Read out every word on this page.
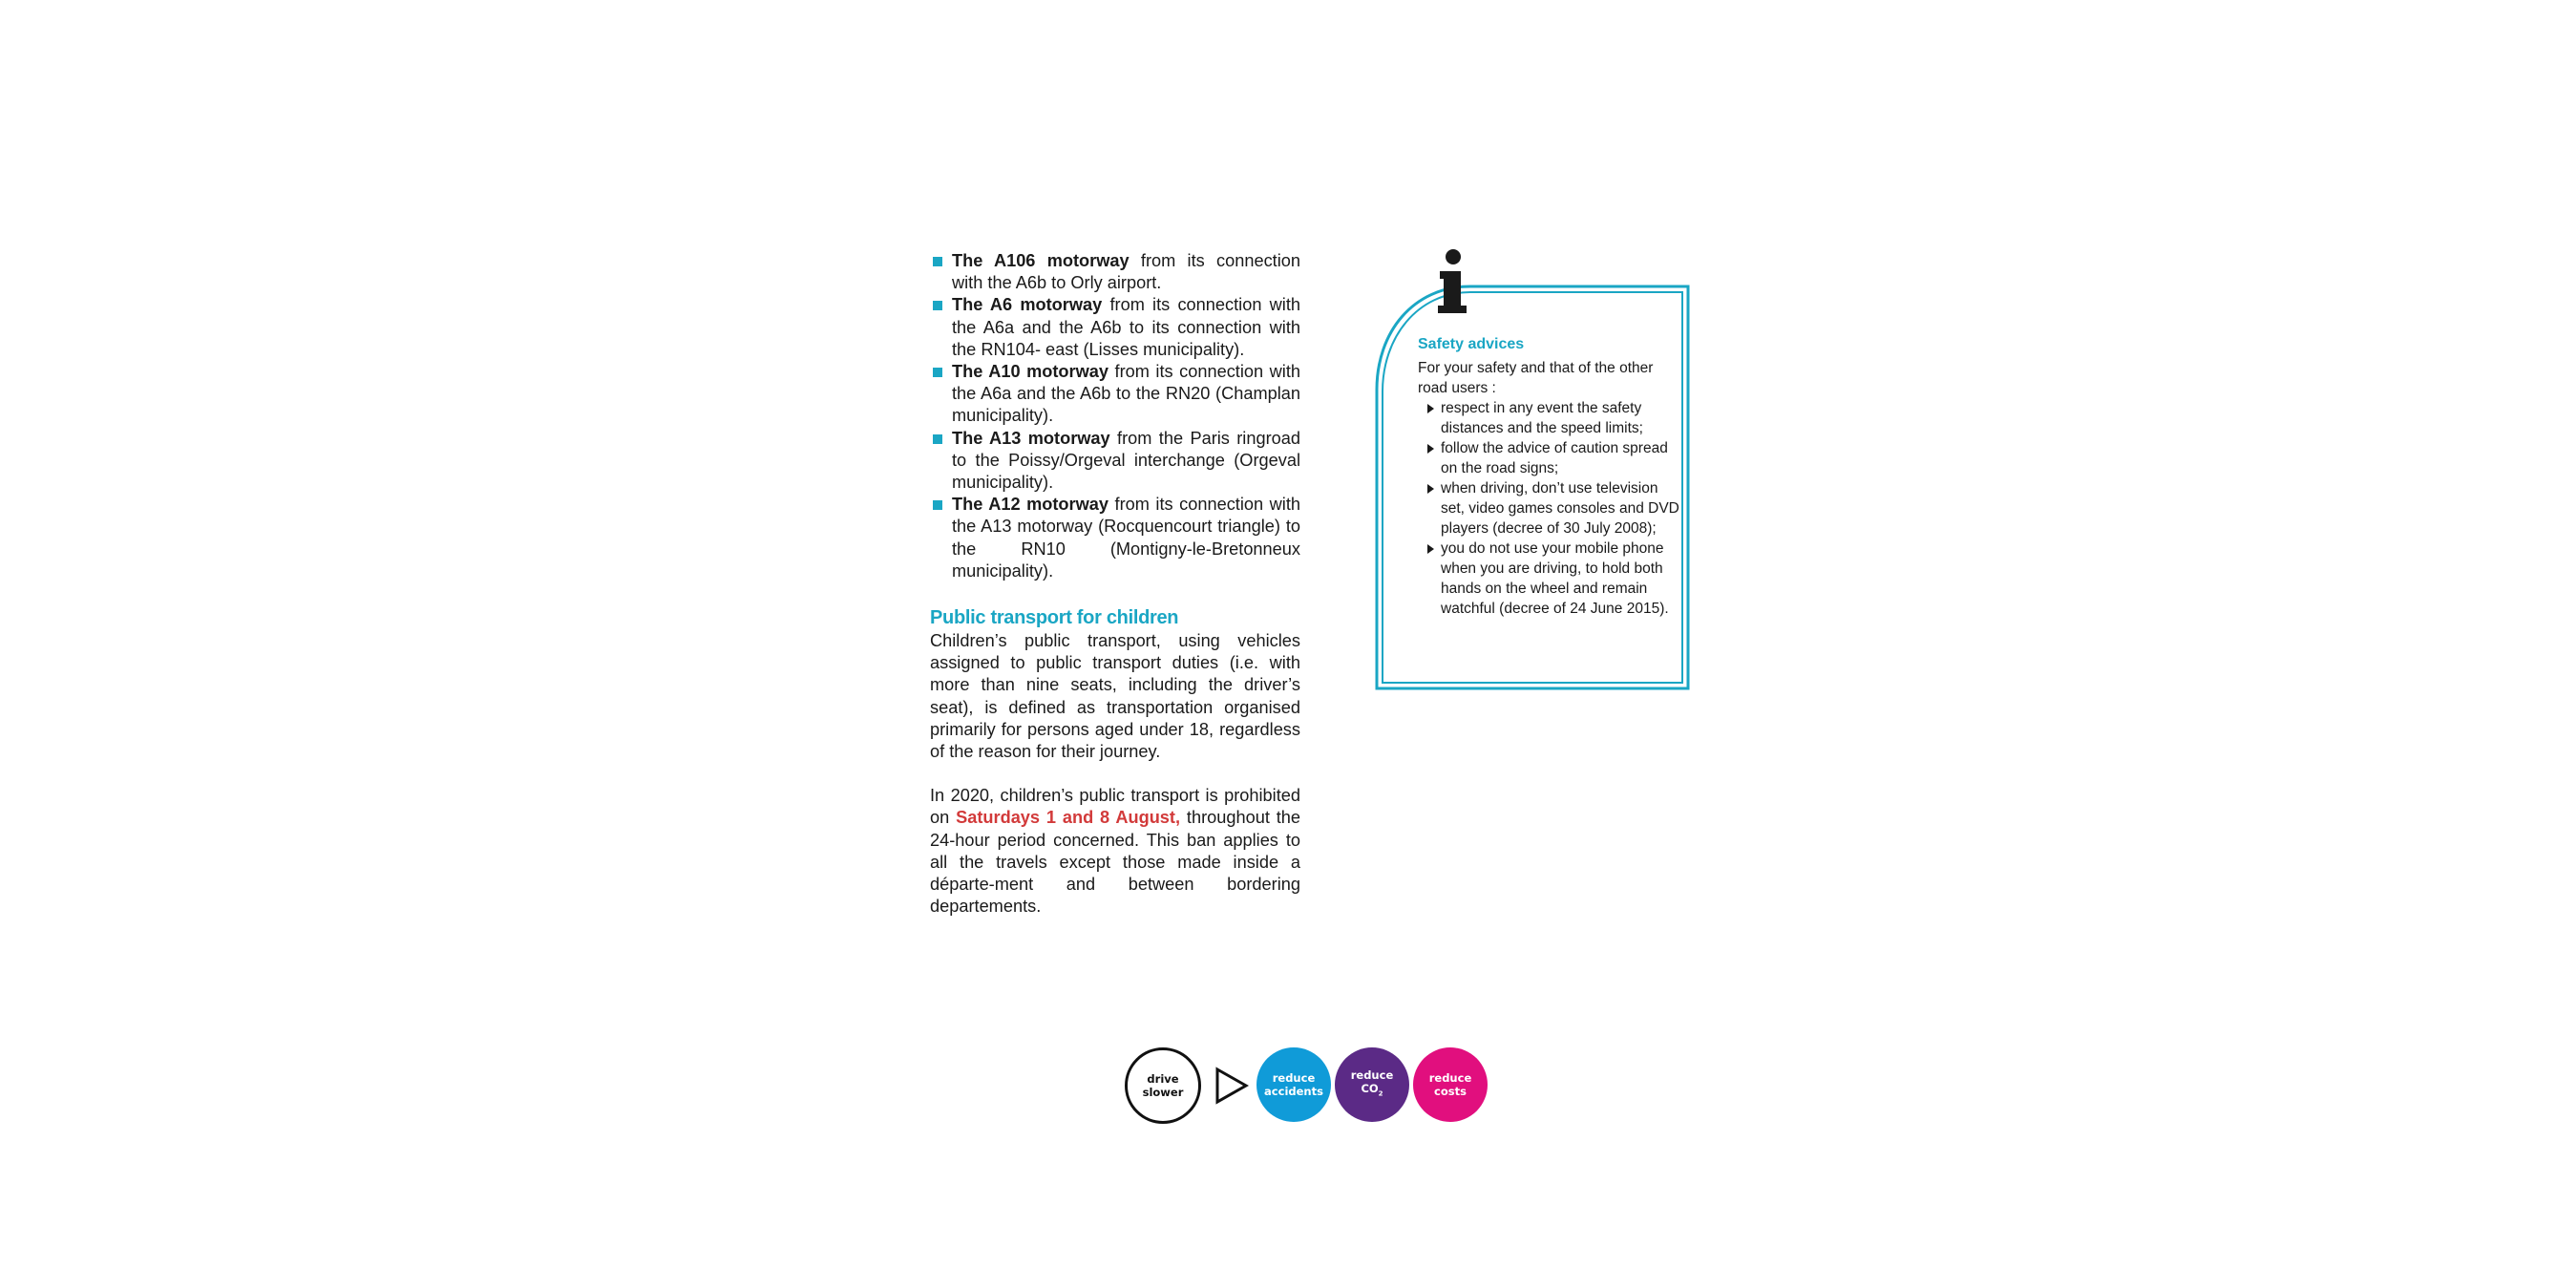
The A106 motorway from its connection with the A6b to Orly airport.
The A6 motorway from its connection with the A6a and the A6b to its connection with the RN104- east (Lisses municipality).
The A10 motorway from its connection with the A6a and the A6b to the RN20 (Champlan municipality).
The A13 motorway from the Paris ringroad to the Poissy/Orgeval interchange (Orgeval municipality).
The A12 motorway from its connection with the A13 motorway (Rocquencourt triangle) to the RN10 (Montigny-le-Bretonneux municipality).
Public transport for children

Children’s public transport, using vehicles assigned to public transport duties (i.e. with more than nine seats, including the driver’s seat), is defined as transportation organised primarily for persons aged under 18, regardless of the reason for their journey.

In 2020, children’s public transport is prohibited on Saturdays 1 and 8 August, throughout the 24-hour period concerned. This ban applies to all the travels except those made inside a départe-ment and between bordering departements.

Safety advices

For your safety and that of the other road users :

respect in any event the safety distances and the speed limits;
follow the advice of caution spread on the road signs;
when driving, don’t use television set, video games consoles and DVD players (decree of 30 July 2008);
you do not use your mobile phone when you are driving, to hold both hands on the wheel and remain watchful (decree of 24 June 2015).
drive slower
reduce accidents
reduce
$CO_2$
reduce costs
